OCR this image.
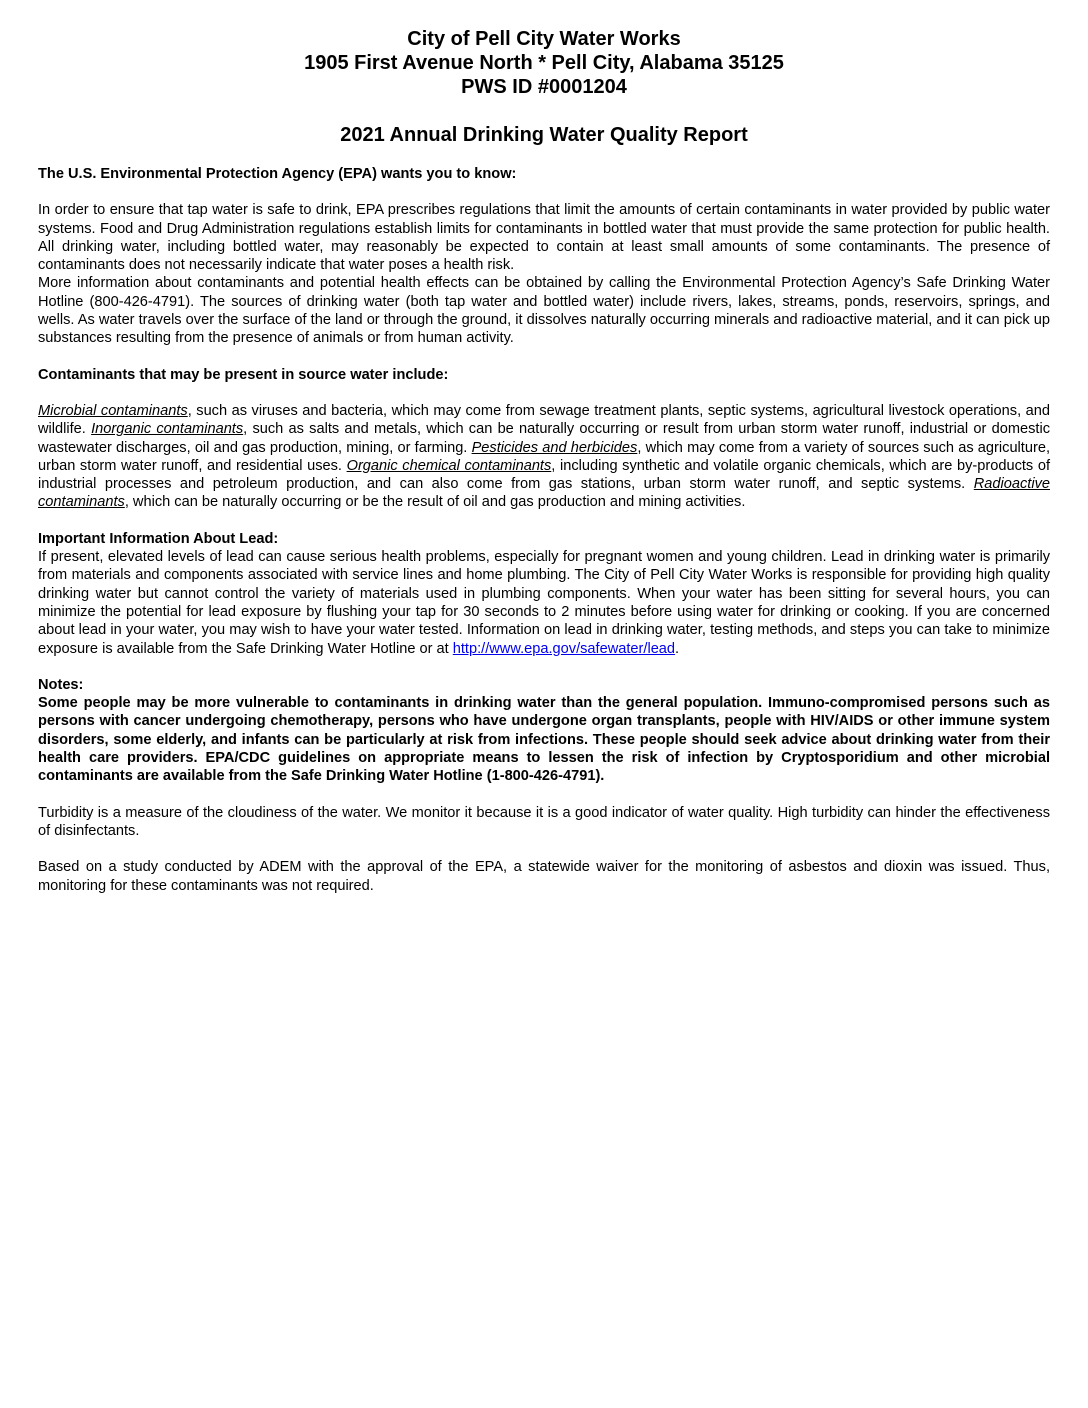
City of Pell City Water Works
1905 First Avenue North * Pell City, Alabama 35125
PWS ID #0001204
2021 Annual Drinking Water Quality Report

The U.S. Environmental Protection Agency (EPA) wants you to know:

In order to ensure that tap water is safe to drink, EPA prescribes regulations that limit the amounts of certain contaminants in water provided by public water systems. Food and Drug Administration regulations establish limits for contaminants in bottled water that must provide the same protection for public health. All drinking water, including bottled water, may reasonably be expected to contain at least small amounts of some contaminants. The presence of contaminants does not necessarily indicate that water poses a health risk.

More information about contaminants and potential health effects can be obtained by calling the Environmental Protection Agency’s Safe Drinking Water Hotline (800-426-4791). The sources of drinking water (both tap water and bottled water) include rivers, lakes, streams, ponds, reservoirs, springs, and wells. As water travels over the surface of the land or through the ground, it dissolves naturally occurring minerals and radioactive material, and it can pick up substances resulting from the presence of animals or from human activity.

Contaminants that may be present in source water include:

Microbial contaminants, such as viruses and bacteria, which may come from sewage treatment plants, septic systems, agricultural livestock operations, and wildlife. Inorganic contaminants, such as salts and metals, which can be naturally occurring or result from urban storm water runoff, industrial or domestic wastewater discharges, oil and gas production, mining, or farming. Pesticides and herbicides, which may come from a variety of sources such as agriculture, urban storm water runoff, and residential uses. Organic chemical contaminants, including synthetic and volatile organic chemicals, which are by-products of industrial processes and petroleum production, and can also come from gas stations, urban storm water runoff, and septic systems. Radioactive contaminants, which can be naturally occurring or be the result of oil and gas production and mining activities.

Important Information About Lead:

If present, elevated levels of lead can cause serious health problems, especially for pregnant women and young children. Lead in drinking water is primarily from materials and components associated with service lines and home plumbing. The City of Pell City Water Works is responsible for providing high quality drinking water but cannot control the variety of materials used in plumbing components. When your water has been sitting for several hours, you can minimize the potential for lead exposure by flushing your tap for 30 seconds to 2 minutes before using water for drinking or cooking. If you are concerned about lead in your water, you may wish to have your water tested. Information on lead in drinking water, testing methods, and steps you can take to minimize exposure is available from the Safe Drinking Water Hotline or at http://www.epa.gov/safewater/lead.

Notes:

Some people may be more vulnerable to contaminants in drinking water than the general population. Immuno-compromised persons such as persons with cancer undergoing chemotherapy, persons who have undergone organ transplants, people with HIV/AIDS or other immune system disorders, some elderly, and infants can be particularly at risk from infections. These people should seek advice about drinking water from their health care providers. EPA/CDC guidelines on appropriate means to lessen the risk of infection by Cryptosporidium and other microbial contaminants are available from the Safe Drinking Water Hotline (1-800-426-4791).

Turbidity is a measure of the cloudiness of the water. We monitor it because it is a good indicator of water quality. High turbidity can hinder the effectiveness of disinfectants.

Based on a study conducted by ADEM with the approval of the EPA, a statewide waiver for the monitoring of asbestos and dioxin was issued. Thus, monitoring for these contaminants was not required.
